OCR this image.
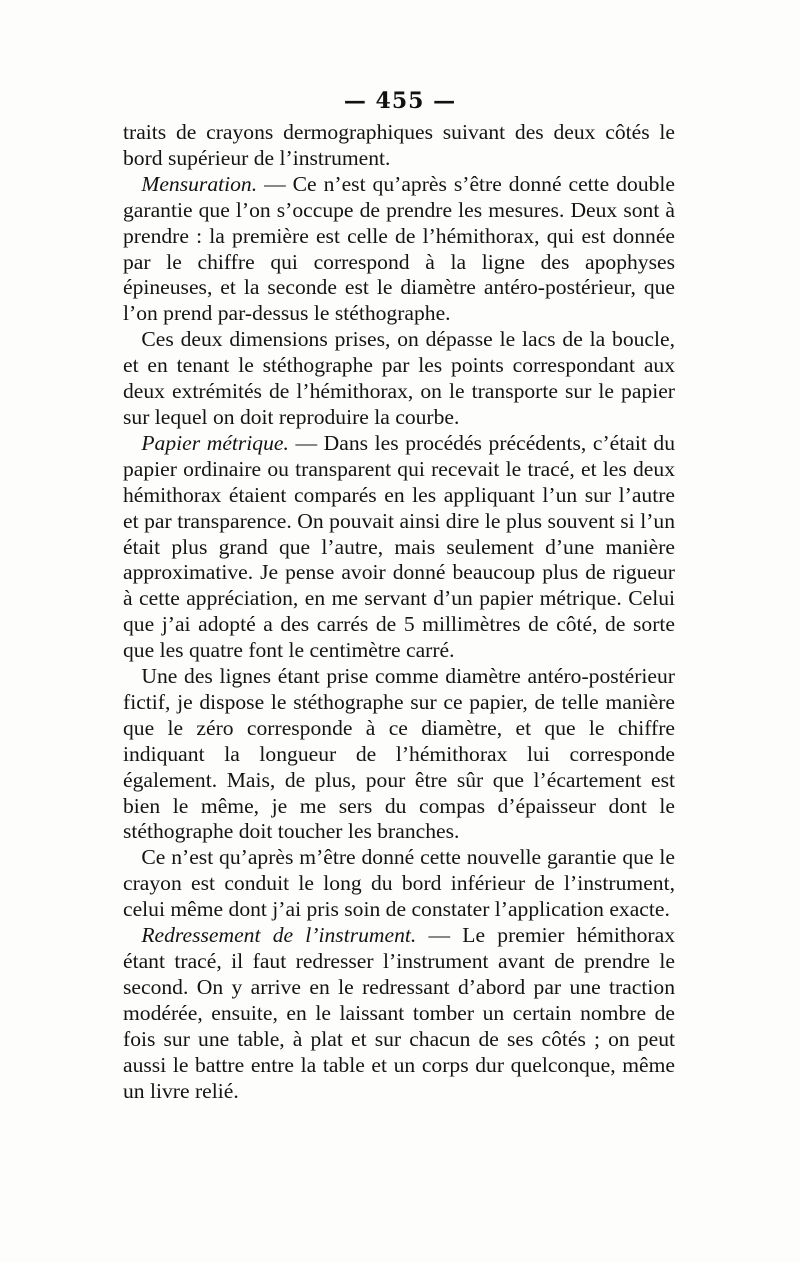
— 455 —

traits de crayons dermographiques suivant des deux côtés le bord supérieur de l’instrument.

Mensuration. — Ce n’est qu’après s’être donné cette double garantie que l’on s’occupe de prendre les mesures. Deux sont à prendre : la première est celle de l’hémithorax, qui est donnée par le chiffre qui correspond à la ligne des apophyses épineuses, et la seconde est le diamètre antéro-postérieur, que l’on prend par-dessus le stéthographe.

Ces deux dimensions prises, on dépasse le lacs de la boucle, et en tenant le stéthographe par les points correspondant aux deux extrémités de l’hémithorax, on le transporte sur le papier sur lequel on doit reproduire la courbe.

Papier métrique. — Dans les procédés précédents, c’était du papier ordinaire ou transparent qui recevait le tracé, et les deux hémithorax étaient comparés en les appliquant l’un sur l’autre et par transparence. On pouvait ainsi dire le plus souvent si l’un était plus grand que l’autre, mais seulement d’une manière approximative. Je pense avoir donné beaucoup plus de rigueur à cette appréciation, en me servant d’un papier métrique. Celui que j’ai adopté a des carrés de 5 millimètres de côté, de sorte que les quatre font le centimètre carré.

Une des lignes étant prise comme diamètre antéro-postérieur fictif, je dispose le stéthographe sur ce papier, de telle manière que le zéro corresponde à ce diamètre, et que le chiffre indiquant la longueur de l’hémithorax lui corresponde également. Mais, de plus, pour être sûr que l’écartement est bien le même, je me sers du compas d’épaisseur dont le stéthographe doit toucher les branches.

Ce n’est qu’après m’être donné cette nouvelle garantie que le crayon est conduit le long du bord inférieur de l’instrument, celui même dont j’ai pris soin de constater l’application exacte.

Redressement de l’instrument. — Le premier hémithorax étant tracé, il faut redresser l’instrument avant de prendre le second. On y arrive en le redressant d’abord par une traction modérée, ensuite, en le laissant tomber un certain nombre de fois sur une table, à plat et sur chacun de ses côtés ; on peut aussi le battre entre la table et un corps dur quelconque, même un livre relié.
